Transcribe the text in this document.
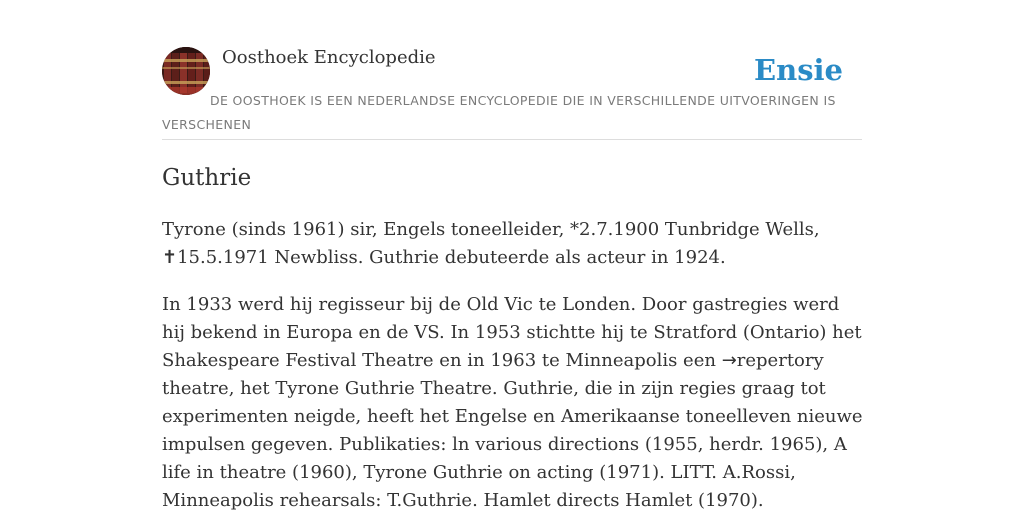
Oosthoek Encyclopedie	Ensie
DE OOSTHOEK IS EEN NEDERLANDSE ENCYCLOPEDIE DIE IN VERSCHILLENDE UITVOERINGEN IS VERSCHENEN
Guthrie

Tyrone (sinds 1961) sir, Engels toneelleider, *2.7.1900 Tunbridge Wells, ✝15.5.1971 Newbliss. Guthrie debuteerde als acteur in 1924.

In 1933 werd hij regisseur bij de Old Vic te Londen. Door gastregies werd hij bekend in Europa en de VS. In 1953 stichtte hij te Stratford (Ontario) het Shakespeare Festival Theatre en in 1963 te Minneapolis een →repertory theatre, het Tyrone Guthrie Theatre. Guthrie, die in zijn regies graag tot experimenten neigde, heeft het Engelse en Amerikaanse toneelleven nieuwe impulsen gegeven. Publikaties: ln various directions (1955, herdr. 1965), A life in theatre (1960), Tyrone Guthrie on acting (1971). LITT. A.Rossi, Minneapolis rehearsals: T.Guthrie. Hamlet directs Hamlet (1970).
